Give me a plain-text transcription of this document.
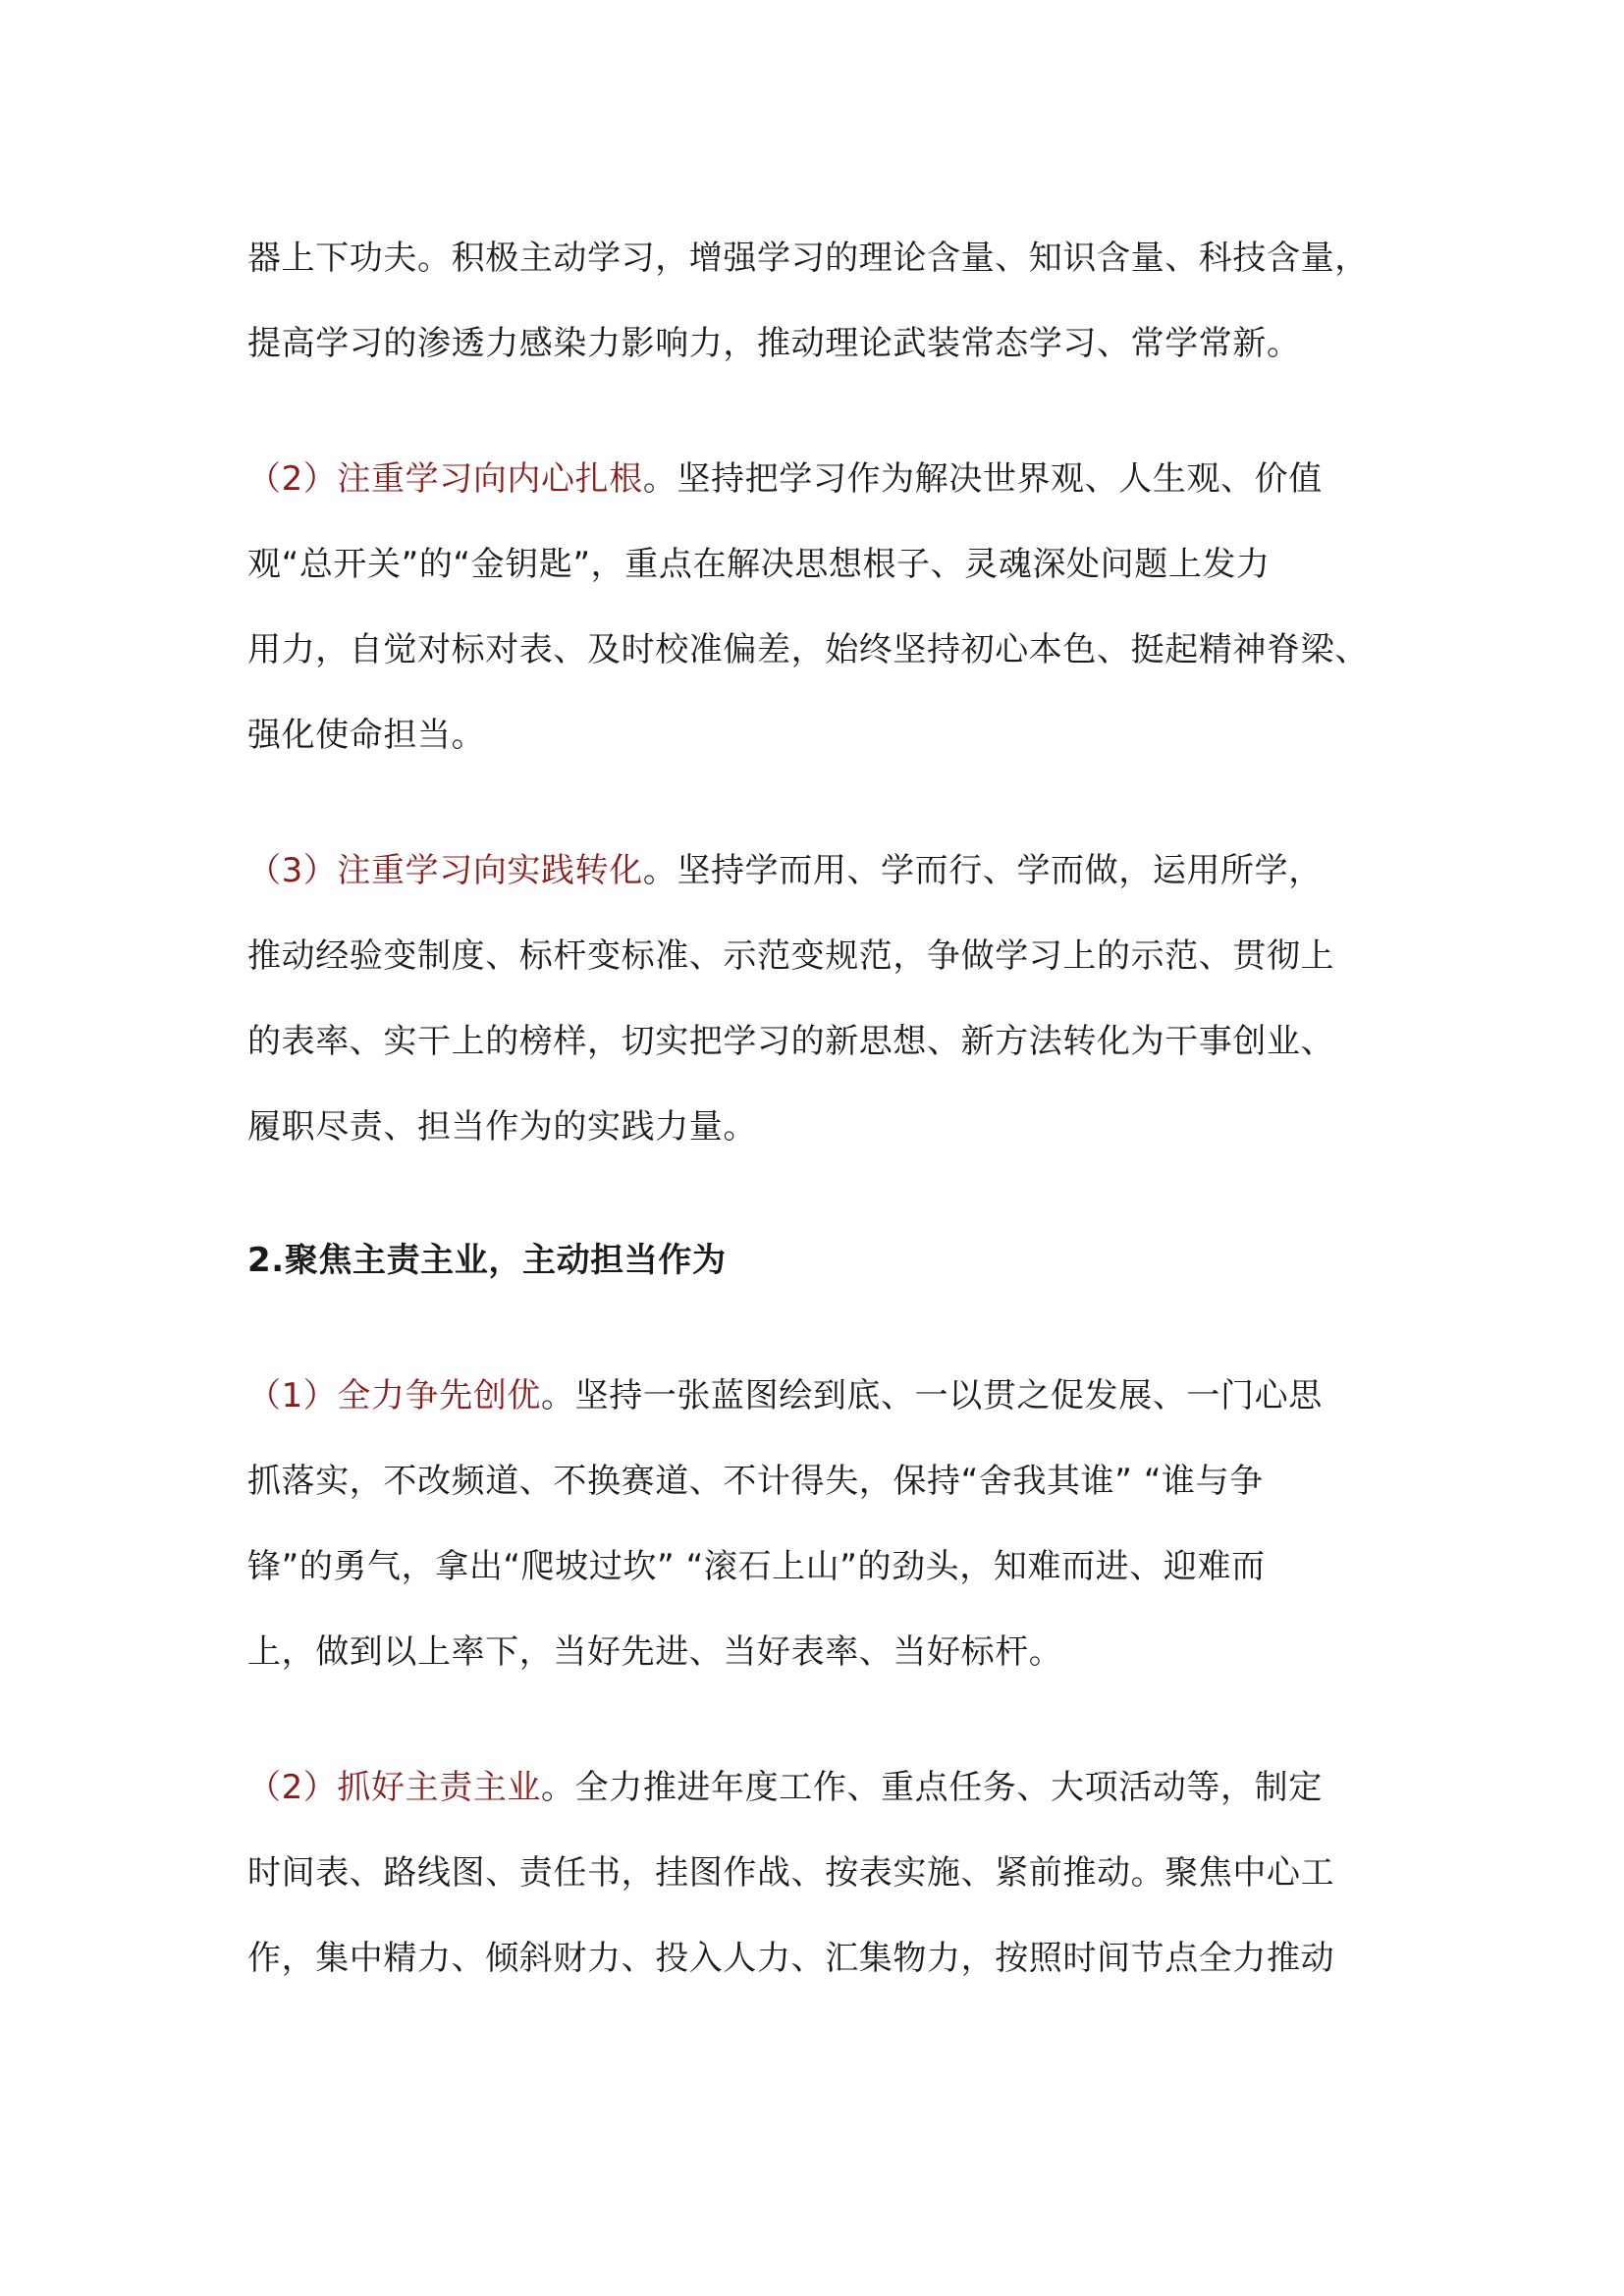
器上下功夫。积极主动学习，增强学习的理论含量、知识含量、科技含量，
提高学习的渗透力感染力影响力，推动理论武装常态学习、常学常新。
（2）注重学习向内心扎根。坚持把学习作为解决世界观、人生观、价值
观“总开关”的“金钥匙”，重点在解决思想根子、灵魂深处问题上发力
用力，自觉对标对表、及时校准偏差，始终坚持初心本色、挺起精神脊梁、
强化使命担当。
（3）注重学习向实践转化。坚持学而用、学而行、学而做，运用所学，
推动经验变制度、标杆变标准、示范变规范，争做学习上的示范、贯彻上
的表率、实干上的榜样，切实把学习的新思想、新方法转化为干事创业、
履职尽责、担当作为的实践力量。
2.聚焦主责主业，主动担当作为
（1）全力争先创优。坚持一张蓝图绘到底、一以贯之促发展、一门心思
抓落实，不改频道、不换赛道、不计得失，保持“舍我其谁” “谁与争
锋”的勇气，拿出“爬坡过坎” “滚石上山”的劲头，知难而进、迎难而
上，做到以上率下，当好先进、当好表率、当好标杆。
（2）抓好主责主业。全力推进年度工作、重点任务、大项活动等，制定
时间表、路线图、责任书，挂图作战、按表实施、紧前推动。聚焦中心工
作，集中精力、倾斜财力、投入人力、汇集物力，按照时间节点全力推动
